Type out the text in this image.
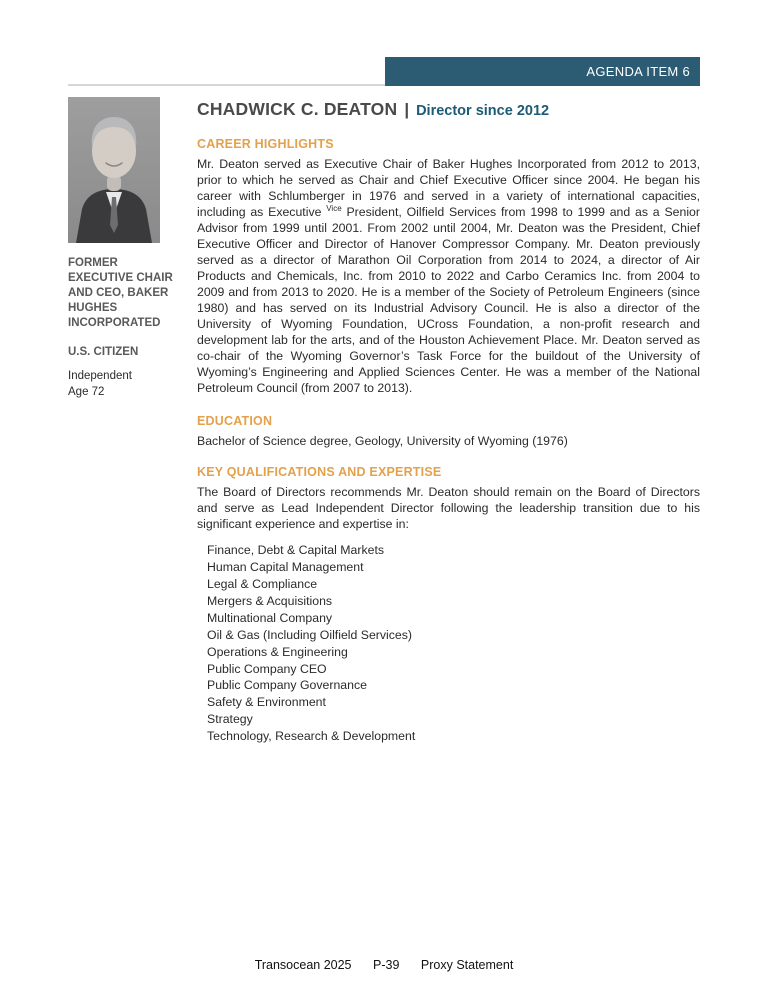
AGENDA ITEM 6
FORMER EXECUTIVE CHAIR AND CEO, BAKER HUGHES INCORPORATED
U.S. CITIZEN
Independent
Age 72
CHADWICK C. DEATON | Director since 2012
CAREER HIGHLIGHTS

Mr. Deaton served as Executive Chair of Baker Hughes Incorporated from 2012 to 2013, prior to which he served as Chair and Chief Executive Officer since 2004. He began his career with Schlumberger in 1976 and served in a variety of international capacities, including as Executive $^{Vice}$ President, Oilfield Services from 1998 to 1999 and as a Senior Advisor from 1999 until 2001. From 2002 until 2004, Mr. Deaton was the President, Chief Executive Officer and Director of Hanover Compressor Company. Mr. Deaton previously served as a director of Marathon Oil Corporation from 2014 to 2024, a director of Air Products and Chemicals, Inc. from 2010 to 2022 and Carbo Ceramics Inc. from 2004 to 2009 and from 2013 to 2020. He is a member of the Society of Petroleum Engineers (since 1980) and has served on its Industrial Advisory Council. He is also a director of the University of Wyoming Foundation, UCross Foundation, a non-profit research and development lab for the arts, and of the Houston Achievement Place. Mr. Deaton served as co-chair of the Wyoming Governor’s Task Force for the buildout of the University of Wyoming’s Engineering and Applied Sciences Center. He was a member of the National Petroleum Council (from 2007 to 2013).

EDUCATION
Bachelor of Science degree, Geology, University of Wyoming (1976)
KEY QUALIFICATIONS AND EXPERTISE

The Board of Directors recommends Mr. Deaton should remain on the Board of Directors and serve as Lead Independent Director following the leadership transition due to his significant experience and expertise in:

Finance, Debt & Capital Markets
Human Capital Management
Legal & Compliance
Mergers & Acquisitions
Multinational Company
Oil & Gas (Including Oilfield Services)
Operations & Engineering
Public Company CEO
Public Company Governance
Safety & Environment
Strategy
Technology, Research & Development
Transocean 2025 P-39 Proxy Statement
